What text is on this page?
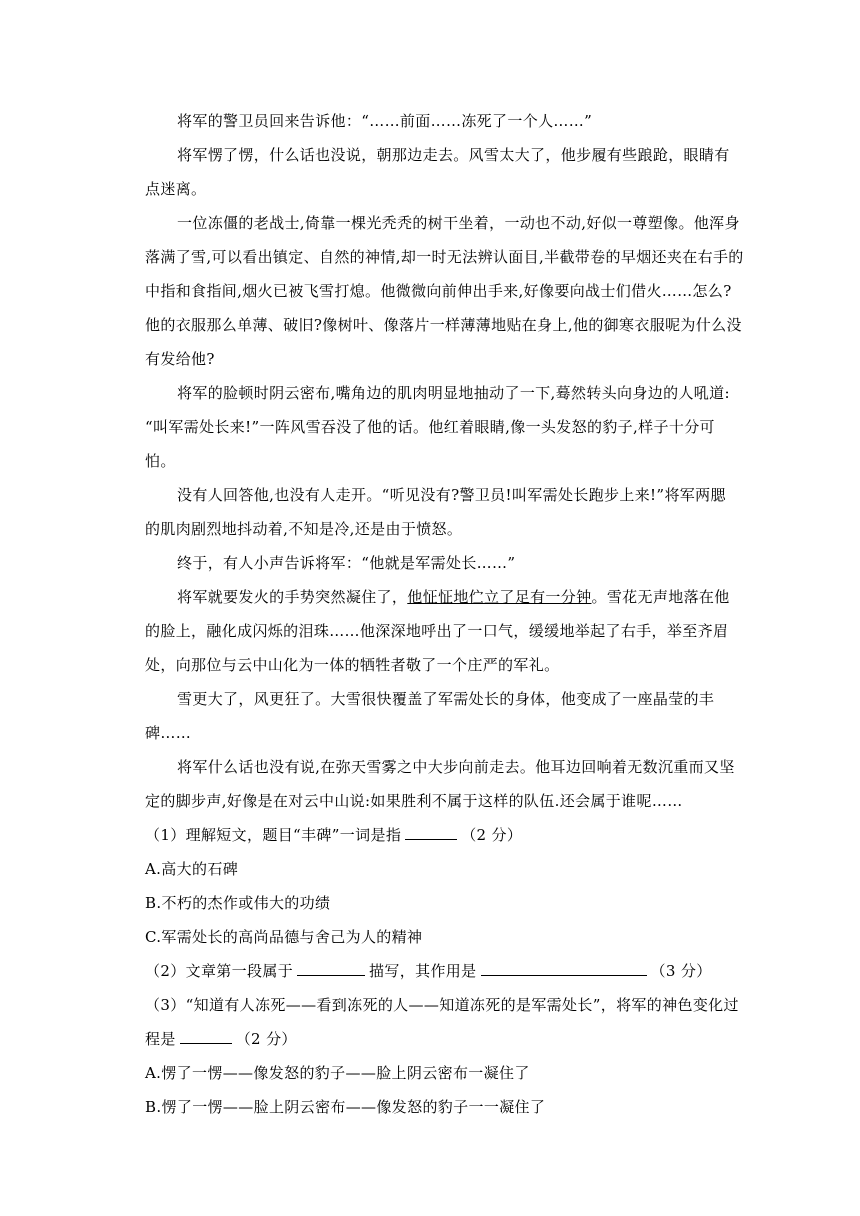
将军的警卫员回来告诉他：“……前面……冻死了一个人……”
将军愣了愣，什么话也没说，朝那边走去。风雪太大了，他步履有些踉跄，眼睛有
点迷离。
一位冻僵的老战士,倚靠一棵光秃秃的树干坐着，一动也不动,好似一尊塑像。他浑身
落满了雪,可以看出镇定、自然的神情,却一时无法辨认面目,半截带卷的早烟还夹在右手的
中指和食指间,烟火已被飞雪打熄。他微微向前伸出手来,好像要向战士们借火……怎么?
他的衣服那么单薄、破旧?像树叶、像落片一样薄薄地贴在身上,他的御寒衣服呢为什么没
有发给他?
将军的脸顿时阴云密布,嘴角边的肌肉明显地抽动了一下,蓦然转头向身边的人吼道:
“叫军需处长来!”一阵风雪吞没了他的话。他红着眼睛,像一头发怒的豹子,样子十分可
怕。
没有人回答他,也没有人走开。“听见没有?警卫员!叫军需处长跑步上来!”将军两腮
的肌肉剧烈地抖动着,不知是冷,还是由于愤怒。
终于，有人小声告诉将军：“他就是军需处长……”
将军就要发火的手势突然凝住了，他怔怔地伫立了足有一分钟。雪花无声地落在他
的脸上，融化成闪烁的泪珠……他深深地呼出了一口气，缓缓地举起了右手，举至齐眉
处，向那位与云中山化为一体的牺牲者敬了一个庄严的军礼。
雪更大了，风更狂了。大雪很快覆盖了军需处长的身体，他变成了一座晶莹的丰
碑……
将军什么话也没有说,在弥天雪雾之中大步向前走去。他耳边回响着无数沉重而又坚
定的脚步声,好像是在对云中山说:如果胜利不属于这样的队伍.还会属于谁呢……
（1）理解短文，题目“丰碑”一词是指	（2 分）
A.高大的石碑
B.不朽的杰作或伟大的功绩
C.军需处长的高尚品德与舍己为人的精神
（2）文章第一段属于	描写，其作用是	（3 分）
（3）“知道有人冻死——看到冻死的人——知道冻死的是军需处长”，将军的神色变化过
程是	（2 分）
A.愣了一愣——像发怒的豹子——脸上阴云密布一凝住了
B.愣了一愣——脸上阴云密布——像发怒的豹子一一凝住了
